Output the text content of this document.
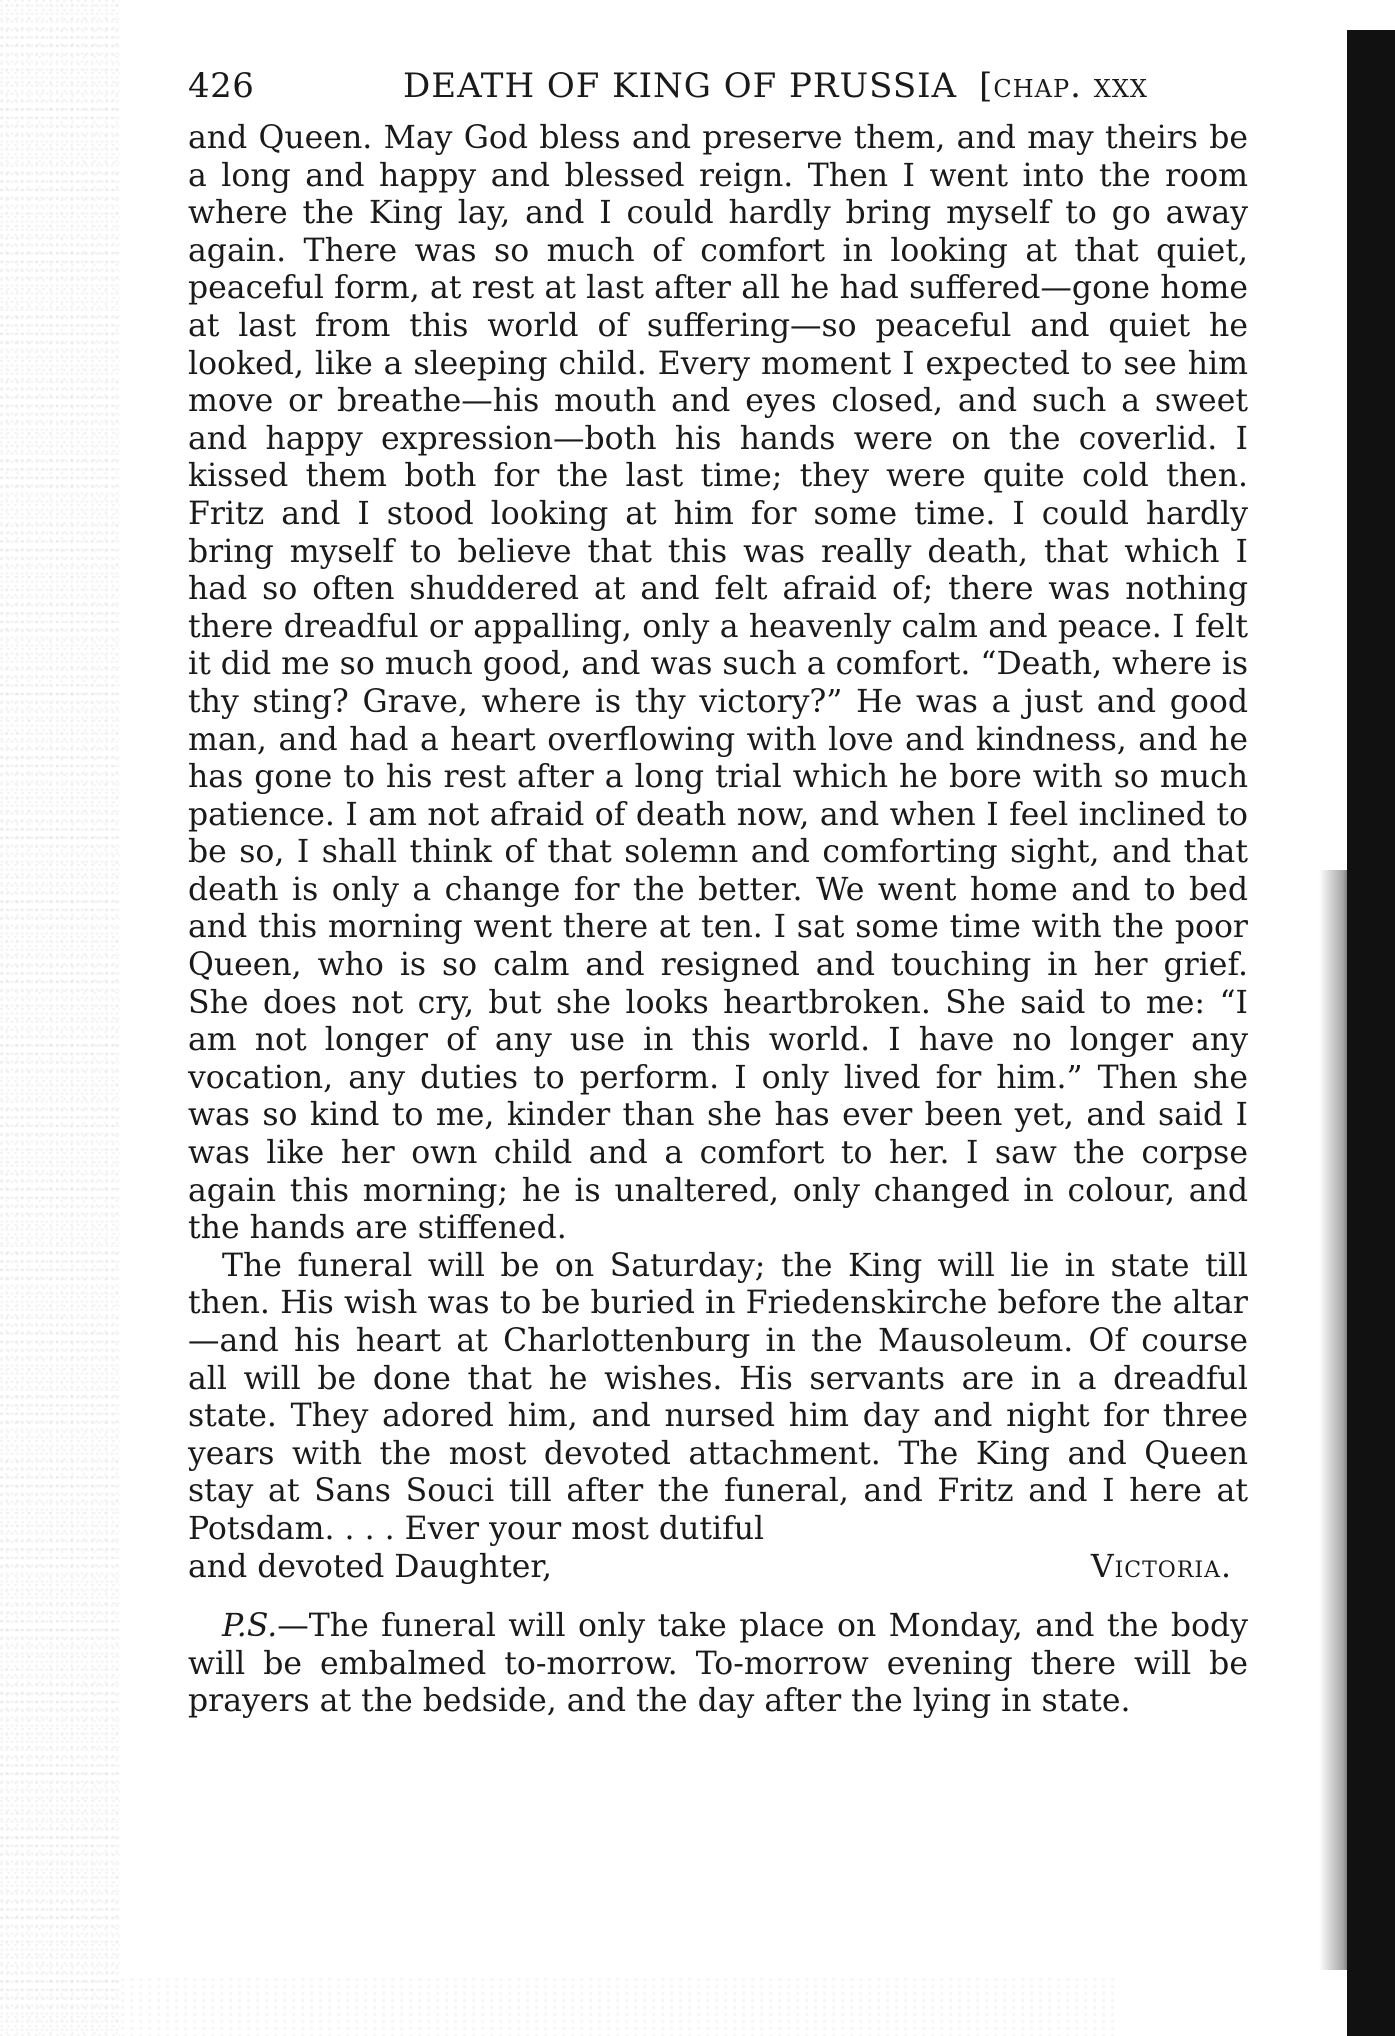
426	DEATH OF KING OF PRUSSIA [chap. xxx

and Queen. May God bless and preserve them, and may theirs be a long and happy and blessed reign. Then I went into the room where the King lay, and I could hardly bring myself to go away again. There was so much of comfort in looking at that quiet, peaceful form, at rest at last after all he had suffered—gone home at last from this world of suffering—so peaceful and quiet he looked, like a sleeping child. Every moment I expected to see him move or breathe—his mouth and eyes closed, and such a sweet and happy expression—both his hands were on the coverlid. I kissed them both for the last time; they were quite cold then. Fritz and I stood looking at him for some time. I could hardly bring myself to believe that this was really death, that which I had so often shuddered at and felt afraid of; there was nothing there dreadful or appalling, only a heavenly calm and peace. I felt it did me so much good, and was such a comfort. “Death, where is thy sting? Grave, where is thy victory?” He was a just and good man, and had a heart overflowing with love and kindness, and he has gone to his rest after a long trial which he bore with so much patience. I am not afraid of death now, and when I feel inclined to be so, I shall think of that solemn and comforting sight, and that death is only a change for the better. We went home and to bed and this morning went there at ten. I sat some time with the poor Queen, who is so calm and resigned and touching in her grief. She does not cry, but she looks heartbroken. She said to me: “I am not longer of any use in this world. I have no longer any vocation, any duties to perform. I only lived for him.” Then she was so kind to me, kinder than she has ever been yet, and said I was like her own child and a comfort to her. I saw the corpse again this morning; he is unaltered, only changed in colour, and the hands are stiffened.

The funeral will be on Saturday; the King will lie in state till then. His wish was to be buried in Friedenskirche before the altar—and his heart at Charlottenburg in the Mausoleum. Of course all will be done that he wishes. His servants are in a dreadful state. They adored him, and nursed him day and night for three years with the most devoted attachment. The King and Queen stay at Sans Souci till after the funeral, and Fritz and I here at Potsdam. . . . Ever your most dutiful

and devoted Daughter,	Victoria.

P.S.—The funeral will only take place on Monday, and the body will be embalmed to-morrow. To-morrow evening there will be prayers at the bedside, and the day after the lying in state.
